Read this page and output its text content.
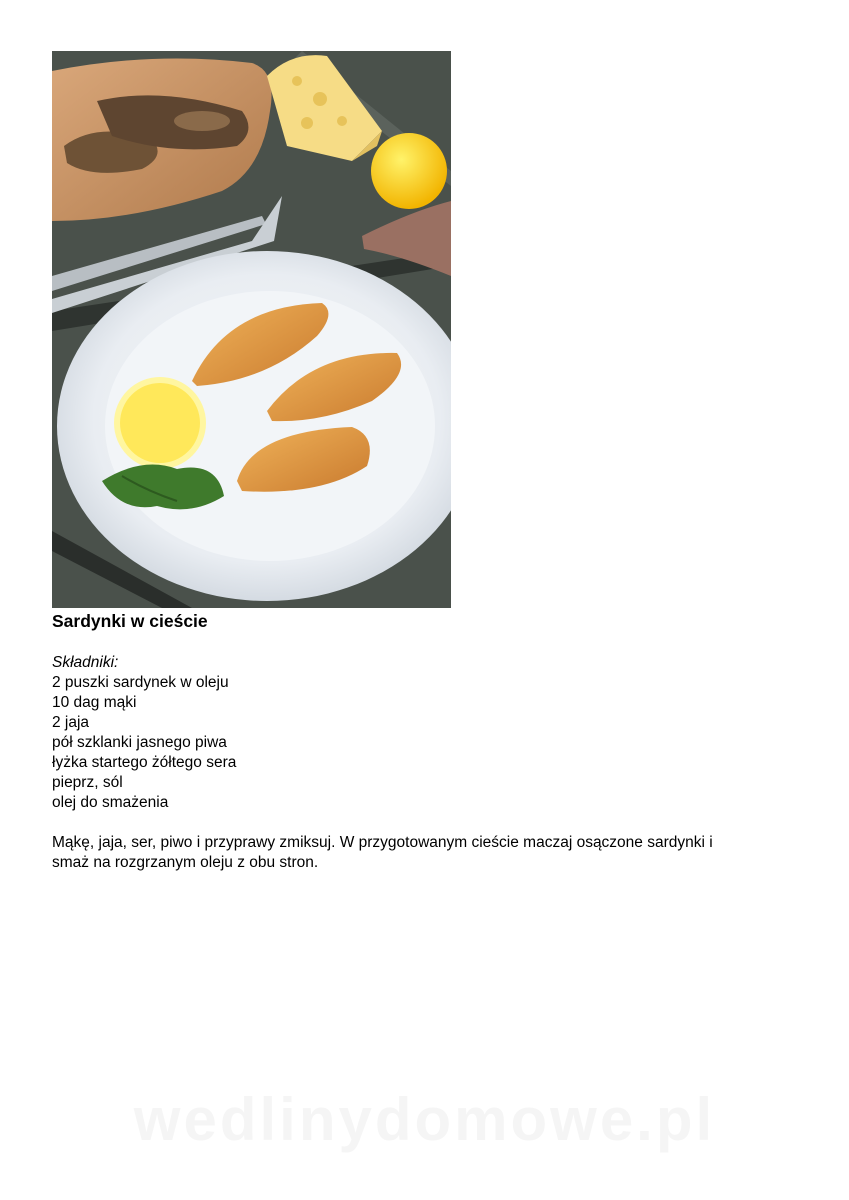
Sardynki w cieście
Składniki:
2 puszki sardynek w oleju
10 dag mąki
2 jaja
pół szklanki jasnego piwa
łyżka startego żółtego sera
pieprz, sól
olej do smażenia
Mąkę, jaja, ser, piwo i przyprawy zmiksuj. W przygotowanym cieście maczaj osączone sardynki i
smaż na rozgrzanym oleju z obu stron.
wedlinydomowe.pl
